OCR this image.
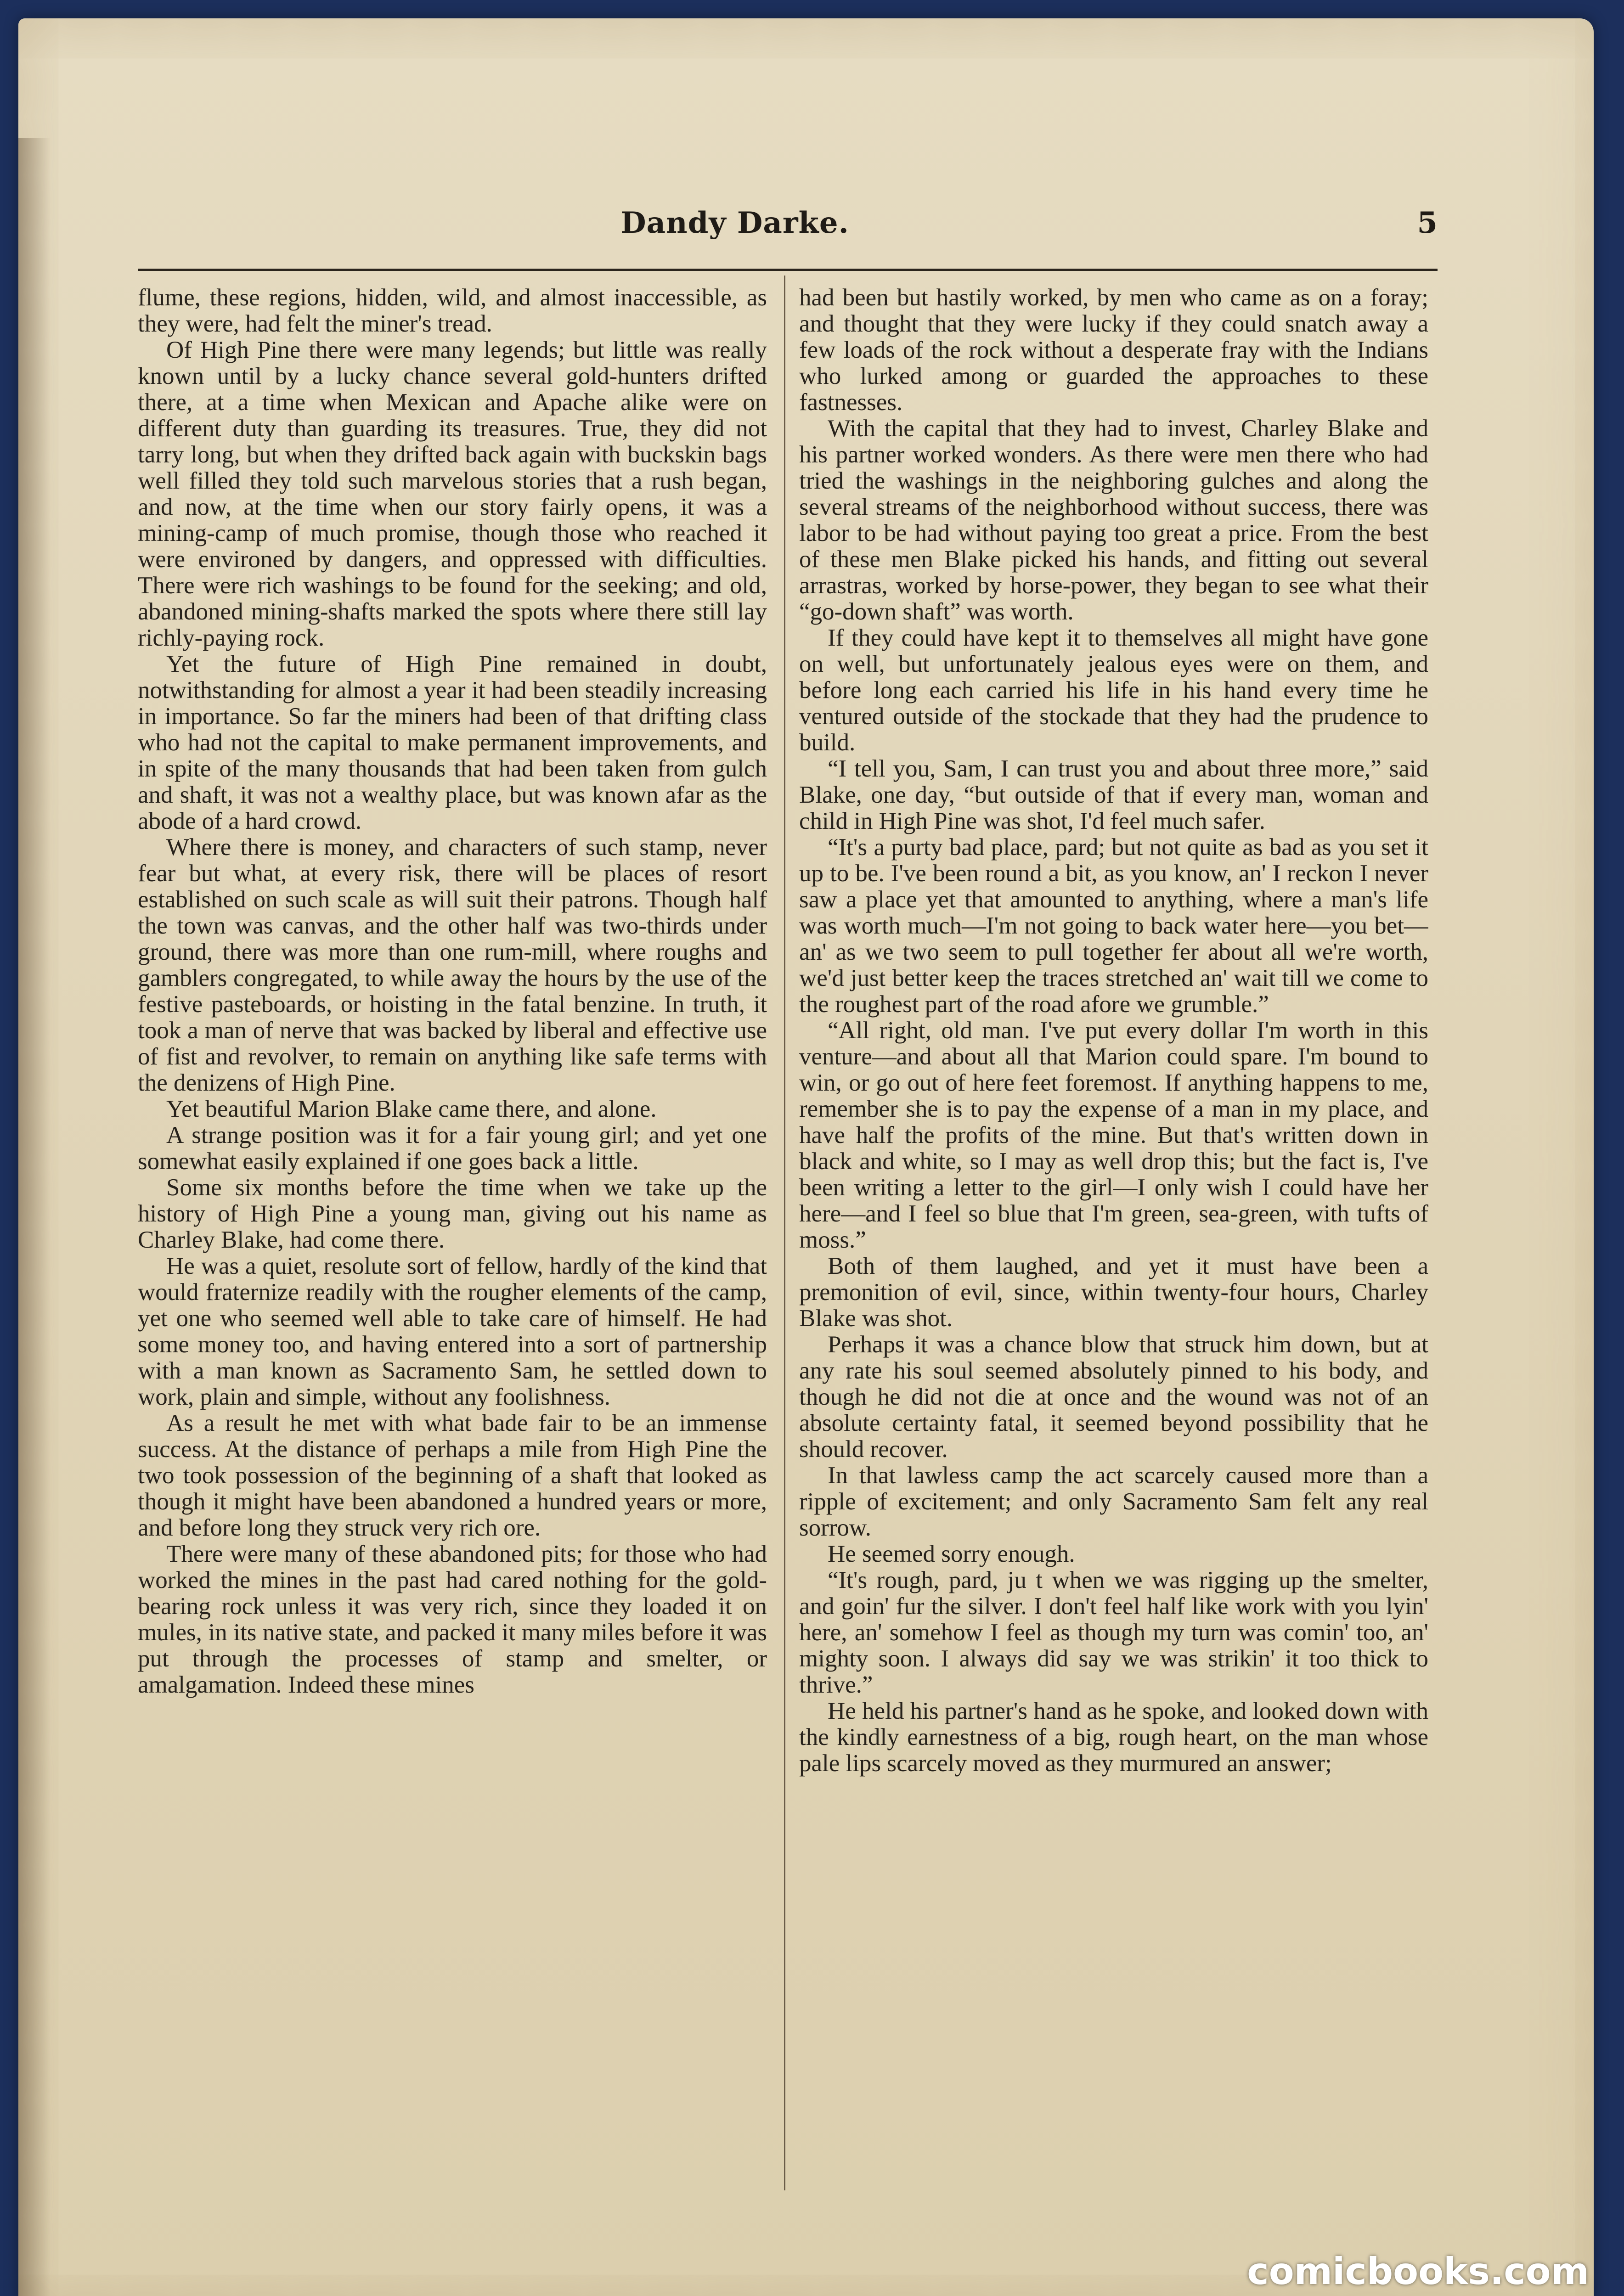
Dandy Darke.	5

flume, these regions, hidden, wild, and almost inaccessible, as they were, had felt the miner's tread.

Of High Pine there were many legends; but little was really known until by a lucky chance several gold-hunters drifted there, at a time when Mexican and Apache alike were on different duty than guarding its treasures. True, they did not tarry long, but when they drifted back again with buckskin bags well filled they told such marvelous stories that a rush began, and now, at the time when our story fairly opens, it was a mining-camp of much promise, though those who reached it were environed by dangers, and oppressed with difficulties. There were rich washings to be found for the seeking; and old, abandoned mining-shafts marked the spots where there still lay richly-paying rock.

Yet the future of High Pine remained in doubt, notwithstanding for almost a year it had been steadily increasing in importance. So far the miners had been of that drifting class who had not the capital to make permanent improvements, and in spite of the many thousands that had been taken from gulch and shaft, it was not a wealthy place, but was known afar as the abode of a hard crowd.

Where there is money, and characters of such stamp, never fear but what, at every risk, there will be places of resort established on such scale as will suit their patrons. Though half the town was canvas, and the other half was two-thirds under ground, there was more than one rum-mill, where roughs and gamblers congregated, to while away the hours by the use of the festive pasteboards, or hoisting in the fatal benzine. In truth, it took a man of nerve that was backed by liberal and effective use of fist and revolver, to remain on anything like safe terms with the denizens of High Pine.

Yet beautiful Marion Blake came there, and alone.

A strange position was it for a fair young girl; and yet one somewhat easily explained if one goes back a little.

Some six months before the time when we take up the history of High Pine a young man, giving out his name as Charley Blake, had come there.

He was a quiet, resolute sort of fellow, hardly of the kind that would fraternize readily with the rougher elements of the camp, yet one who seemed well able to take care of himself. He had some money too, and having entered into a sort of partnership with a man known as Sacramento Sam, he settled down to work, plain and simple, without any foolishness.

As a result he met with what bade fair to be an immense success. At the distance of perhaps a mile from High Pine the two took possession of the beginning of a shaft that looked as though it might have been abandoned a hundred years or more, and before long they struck very rich ore.

There were many of these abandoned pits; for those who had worked the mines in the past had cared nothing for the gold-bearing rock unless it was very rich, since they loaded it on mules, in its native state, and packed it many miles before it was put through the processes of stamp and smelter, or amalgamation. Indeed these mines

had been but hastily worked, by men who came as on a foray; and thought that they were lucky if they could snatch away a few loads of the rock without a desperate fray with the Indians who lurked among or guarded the approaches to these fastnesses.

With the capital that they had to invest, Charley Blake and his partner worked wonders. As there were men there who had tried the washings in the neighboring gulches and along the several streams of the neighborhood without success, there was labor to be had without paying too great a price. From the best of these men Blake picked his hands, and fitting out several arrastras, worked by horse-power, they began to see what their “go-down shaft” was worth.

If they could have kept it to themselves all might have gone on well, but unfortunately jealous eyes were on them, and before long each carried his life in his hand every time he ventured outside of the stockade that they had the prudence to build.

“I tell you, Sam, I can trust you and about three more,” said Blake, one day, “but outside of that if every man, woman and child in High Pine was shot, I'd feel much safer.

“It's a purty bad place, pard; but not quite as bad as you set it up to be. I've been round a bit, as you know, an' I reckon I never saw a place yet that amounted to anything, where a man's life was worth much—I'm not going to back water here—you bet—an' as we two seem to pull together fer about all we're worth, we'd just better keep the traces stretched an' wait till we come to the roughest part of the road afore we grumble.”

“All right, old man. I've put every dollar I'm worth in this venture—and about all that Marion could spare. I'm bound to win, or go out of here feet foremost. If anything happens to me, remember she is to pay the expense of a man in my place, and have half the profits of the mine. But that's written down in black and white, so I may as well drop this; but the fact is, I've been writing a letter to the girl—I only wish I could have her here—and I feel so blue that I'm green, sea-green, with tufts of moss.”

Both of them laughed, and yet it must have been a premonition of evil, since, within twenty-four hours, Charley Blake was shot.

Perhaps it was a chance blow that struck him down, but at any rate his soul seemed absolutely pinned to his body, and though he did not die at once and the wound was not of an absolute certainty fatal, it seemed beyond possibility that he should recover.

In that lawless camp the act scarcely caused more than a ripple of excitement; and only Sacramento Sam felt any real sorrow.

He seemed sorry enough.

“It's rough, pard, ju t when we was rigging up the smelter, and goin' fur the silver. I don't feel half like work with you lyin' here, an' somehow I feel as though my turn was comin' too, an' mighty soon. I always did say we was strikin' it too thick to thrive.”

He held his partner's hand as he spoke, and looked down with the kindly earnestness of a big, rough heart, on the man whose pale lips scarcely moved as they murmured an answer;

comicbooks.com
